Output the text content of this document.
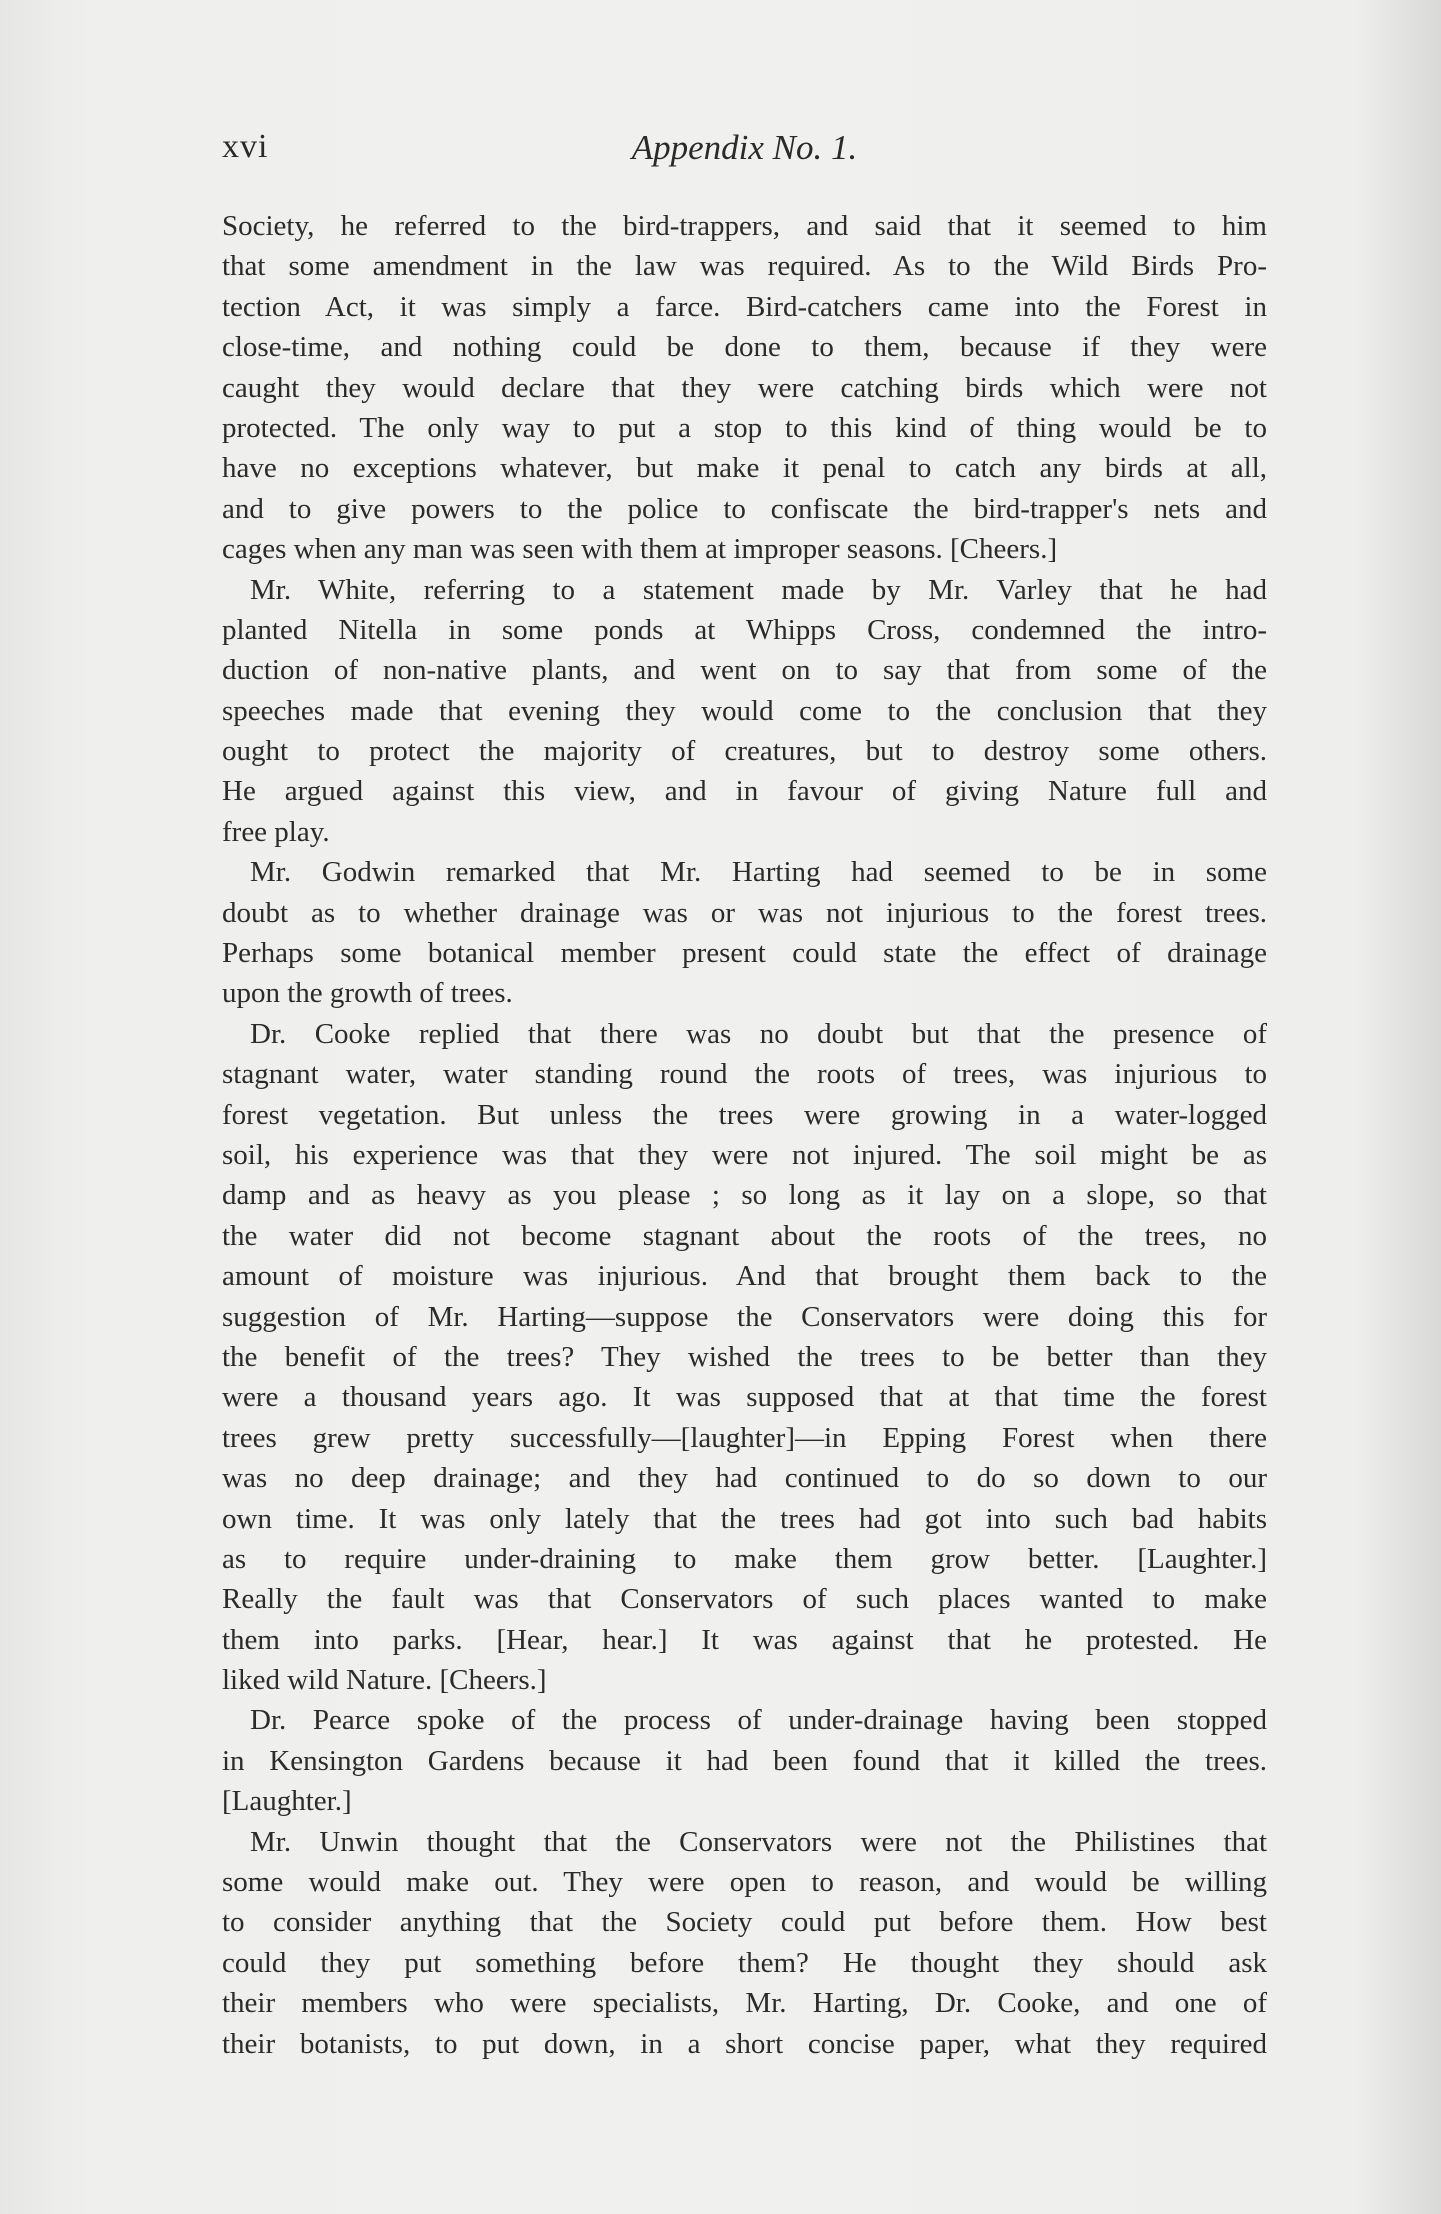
xvi	Appendix No. 1.
Society, he referred to the bird-trappers, and said that it seemed to him
that some amendment in the law was required. As to the Wild Birds Pro-
tection Act, it was simply a farce. Bird-catchers came into the Forest in
close-time, and nothing could be done to them, because if they were
caught they would declare that they were catching birds which were not
protected. The only way to put a stop to this kind of thing would be to
have no exceptions whatever, but make it penal to catch any birds at all,
and to give powers to the police to confiscate the bird-trapper's nets and
cages when any man was seen with them at improper seasons. [Cheers.]
Mr. White, referring to a statement made by Mr. Varley that he had
planted Nitella in some ponds at Whipps Cross, condemned the intro-
duction of non-native plants, and went on to say that from some of the
speeches made that evening they would come to the conclusion that they
ought to protect the majority of creatures, but to destroy some others.
He argued against this view, and in favour of giving Nature full and
free play.
Mr. Godwin remarked that Mr. Harting had seemed to be in some
doubt as to whether drainage was or was not injurious to the forest trees.
Perhaps some botanical member present could state the effect of drainage
upon the growth of trees.
Dr. Cooke replied that there was no doubt but that the presence of
stagnant water, water standing round the roots of trees, was injurious to
forest vegetation. But unless the trees were growing in a water-logged
soil, his experience was that they were not injured. The soil might be as
damp and as heavy as you please ; so long as it lay on a slope, so that
the water did not become stagnant about the roots of the trees, no
amount of moisture was injurious. And that brought them back to the
suggestion of Mr. Harting—suppose the Conservators were doing this for
the benefit of the trees? They wished the trees to be better than they
were a thousand years ago. It was supposed that at that time the forest
trees grew pretty successfully—[laughter]—in Epping Forest when there
was no deep drainage; and they had continued to do so down to our
own time. It was only lately that the trees had got into such bad habits
as to require under-draining to make them grow better. [Laughter.]
Really the fault was that Conservators of such places wanted to make
them into parks. [Hear, hear.] It was against that he protested. He
liked wild Nature. [Cheers.]
Dr. Pearce spoke of the process of under-drainage having been stopped
in Kensington Gardens because it had been found that it killed the trees.
[Laughter.]
Mr. Unwin thought that the Conservators were not the Philistines that
some would make out. They were open to reason, and would be willing
to consider anything that the Society could put before them. How best
could they put something before them? He thought they should ask
their members who were specialists, Mr. Harting, Dr. Cooke, and one of
their botanists, to put down, in a short concise paper, what they required
